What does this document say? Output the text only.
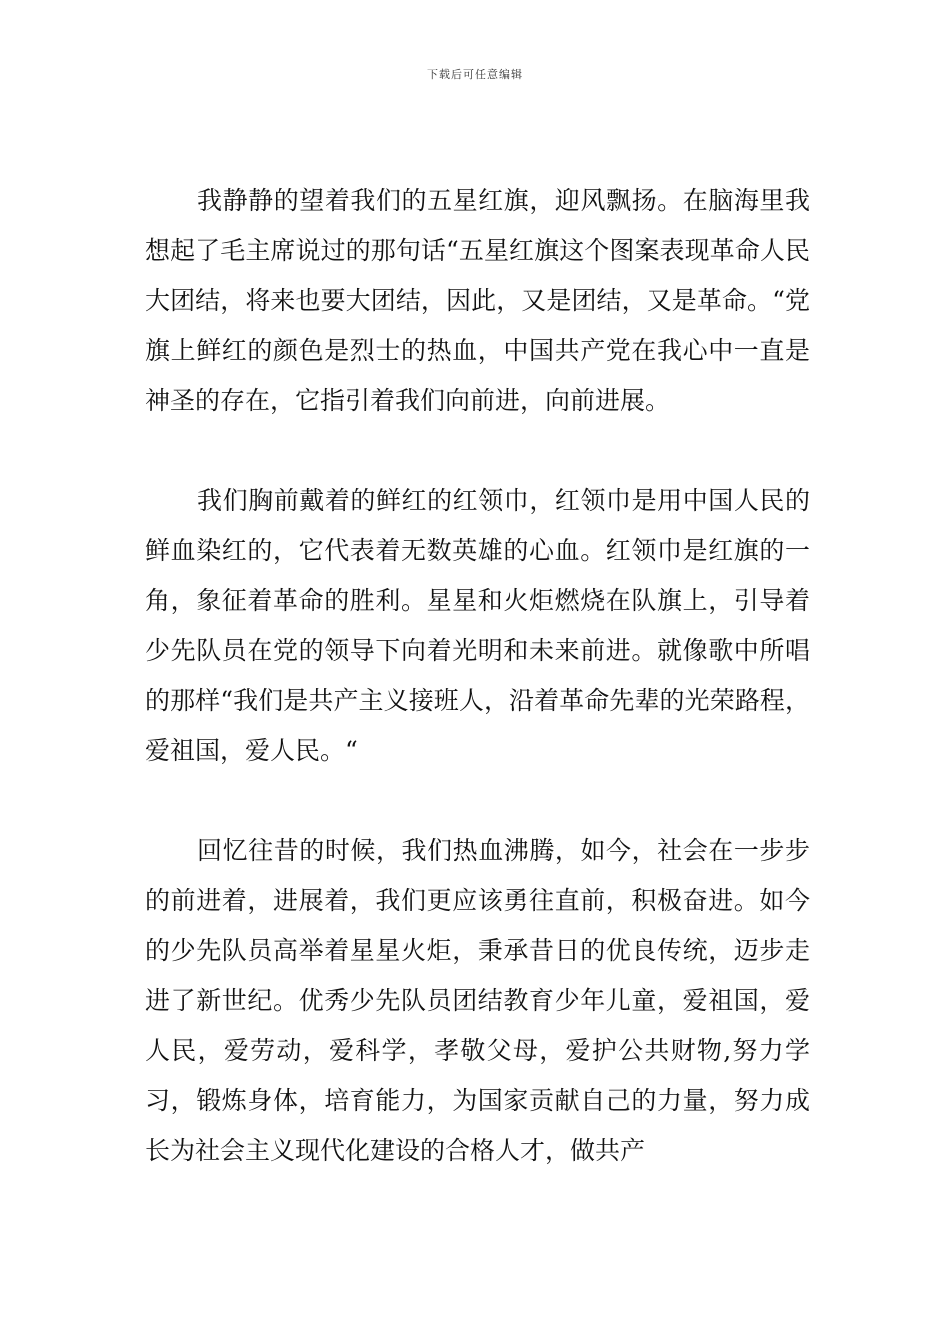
下载后可任意编辑

我静静的望着我们的五星红旗，迎风飘扬。在脑海里我想起了毛主席说过的那句话“五星红旗这个图案表现革命人民大团结，将来也要大团结，因此，又是团结，又是革命。“党旗上鲜红的颜色是烈士的热血，中国共产党在我心中一直是神圣的存在，它指引着我们向前进，向前进展。

我们胸前戴着的鲜红的红领巾，红领巾是用中国人民的鲜血染红的，它代表着无数英雄的心血。红领巾是红旗的一角，象征着革命的胜利。星星和火炬燃烧在队旗上，引导着少先队员在党的领导下向着光明和未来前进。就像歌中所唱的那样“我们是共产主义接班人，沿着革命先辈的光荣路程，爱祖国，爱人民。“

回忆往昔的时候，我们热血沸腾，如今，社会在一步步的前进着，进展着，我们更应该勇往直前，积极奋进。如今的少先队员高举着星星火炬，秉承昔日的优良传统，迈步走进了新世纪。优秀少先队员团结教育少年儿童，爱祖国，爱人民，爱劳动，爱科学，孝敬父母，爱护公共财物,努力学习，锻炼身体，培育能力，为国家贡献自己的力量，努力成长为社会主义现代化建设的合格人才，做共产
